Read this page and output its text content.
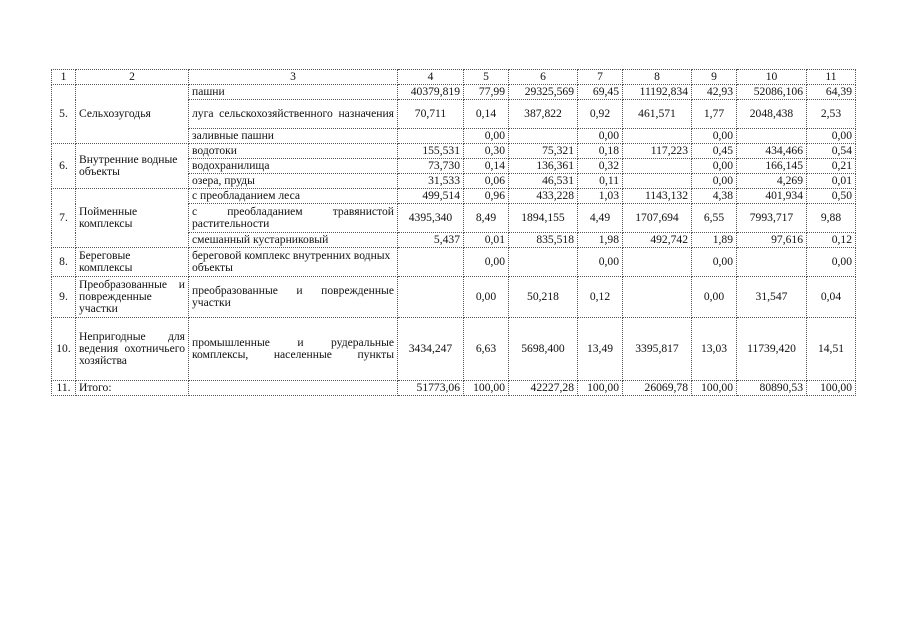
1	2	3	4	5	6	7	8	9	10	11
5.	Сельхозугодья	пашни	40379,819	77,99	29325,569	69,45	11192,834	42,93	52086,106	64,39
		луга сельскохозяйственного назначения	70,711	0,14	387,822	0,92	461,571	1,77	2048,438	2,53
		заливные пашни		0,00		0,00		0,00		0,00
6.	Внутренние водные объекты	водотоки	155,531	0,30	75,321	0,18	117,223	0,45	434,466	0,54
		водохранилища	73,730	0,14	136,361	0,32		0,00	166,145	0,21
		озера, пруды	31,533	0,06	46,531	0,11		0,00	4,269	0,01
7.	Пойменные комплексы	с преобладанием леса	499,514	0,96	433,228	1,03	1143,132	4,38	401,934	0,50
		с преобладанием травянистой растительности	4395,340	8,49	1894,155	4,49	1707,694	6,55	7993,717	9,88
		смешанный кустарниковый	5,437	0,01	835,518	1,98	492,742	1,89	97,616	0,12
8.	Береговые комплексы	береговой комплекс внутренних водных объекты		0,00		0,00		0,00		0,00
9.	Преобразованные и поврежденные участки	преобразованные и поврежденные участки		0,00	50,218	0,12		0,00	31,547	0,04
10.	Непригодные для ведения охотничьего хозяйства	промышленные и рудеральные комплексы, населенные пункты	3434,247	6,63	5698,400	13,49	3395,817	13,03	11739,420	14,51
11.	Итого:		51773,06	100,00	42227,28	100,00	26069,78	100,00	80890,53	100,00
